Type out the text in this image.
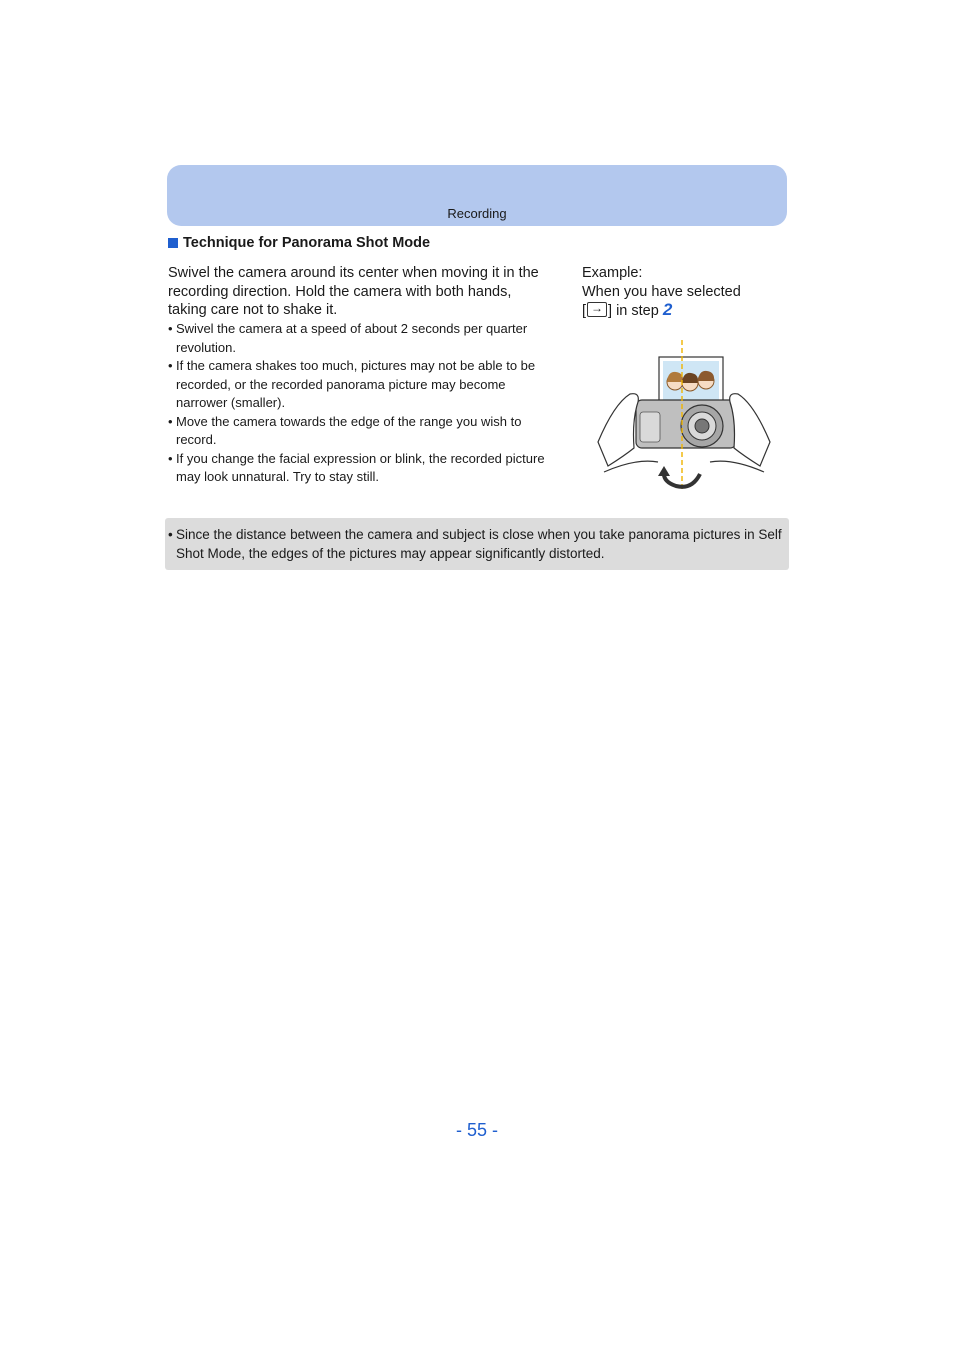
Recording
Technique for Panorama Shot Mode

Swivel the camera around its center when moving it in the recording direction. Hold the camera with both hands, taking care not to shake it.

• Swivel the camera at a speed of about 2 seconds per quarter revolution.
• If the camera shakes too much, pictures may not be able to be recorded, or the recorded panorama picture may become narrower (smaller).
• Move the camera towards the edge of the range you wish to record.
• If you change the facial expression or blink, the recorded picture may look unnatural. Try to stay still.
Example:
When you have selected
[→ ] in step 2
• Since the distance between the camera and subject is close when you take panorama pictures in Self Shot Mode, the edges of the pictures may appear significantly distorted.
- 55 -
